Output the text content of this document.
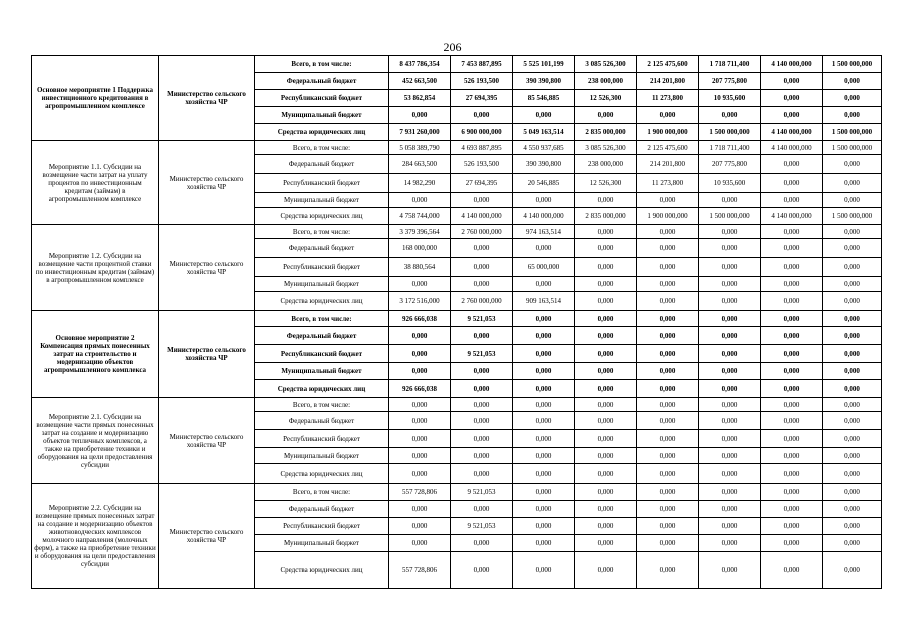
206
Основное мероприятие 1 Поддержка инвестиционного кредитования в агропромышленном комплексе	Министерство сельского хозяйства ЧР	Всего, в том числе:	8 437 786,354	7 453 887,895	5 525 101,199	3 085 526,300	2 125 475,600	1 718 711,400	4 140 000,000	1 500 000,000
		Федеральный бюджет	452 663,500	526 193,500	390 390,800	238 000,000	214 201,800	207 775,800	0,000	0,000
		Республиканский бюджет	53 862,854	27 694,395	85 546,885	12 526,300	11 273,800	10 935,600	0,000	0,000
		Муниципальный бюджет	0,000	0,000	0,000	0,000	0,000	0,000	0,000	0,000
		Средства юридических лиц	7 931 260,000	6 900 000,000	5 049 163,514	2 835 000,000	1 900 000,000	1 500 000,000	4 140 000,000	1 500 000,000
Мероприятие 1.1. Субсидии на возмещение части затрат на уплату процентов по инвестиционным кредитам (займам) в агропромышленном комплексе	Министерство сельского хозяйства ЧР	Всего, в том числе:	5 058 389,790	4 693 887,895	4 550 937,685	3 085 526,300	2 125 475,600	1 718 711,400	4 140 000,000	1 500 000,000
		Федеральный бюджет	284 663,500	526 193,500	390 390,800	238 000,000	214 201,800	207 775,800	0,000	0,000
		Республиканский бюджет	14 982,290	27 694,395	20 546,885	12 526,300	11 273,800	10 935,600	0,000	0,000
		Муниципальный бюджет	0,000	0,000	0,000	0,000	0,000	0,000	0,000	0,000
		Средства юридических лиц	4 758 744,000	4 140 000,000	4 140 000,000	2 835 000,000	1 900 000,000	1 500 000,000	4 140 000,000	1 500 000,000
Мероприятие 1.2. Субсидии на возмещение части процентной ставки по инвестиционным кредитам (займам) в агропромышленном комплексе	Министерство сельского хозяйства ЧР	Всего, в том числе:	3 379 396,564	2 760 000,000	974 163,514	0,000	0,000	0,000	0,000	0,000
		Федеральный бюджет	168 000,000	0,000	0,000	0,000	0,000	0,000	0,000	0,000
		Республиканский бюджет	38 880,564	0,000	65 000,000	0,000	0,000	0,000	0,000	0,000
		Муниципальный бюджет	0,000	0,000	0,000	0,000	0,000	0,000	0,000	0,000
		Средства юридических лиц	3 172 516,000	2 760 000,000	909 163,514	0,000	0,000	0,000	0,000	0,000
Основное мероприятие 2 Компенсация прямых понесенных затрат на строительство и модернизацию объектов агропромышленного комплекса	Министерство сельского хозяйства ЧР	Всего, в том числе:	926 666,038	9 521,053	0,000	0,000	0,000	0,000	0,000	0,000
		Федеральный бюджет	0,000	0,000	0,000	0,000	0,000	0,000	0,000	0,000
		Республиканский бюджет	0,000	9 521,053	0,000	0,000	0,000	0,000	0,000	0,000
		Муниципальный бюджет	0,000	0,000	0,000	0,000	0,000	0,000	0,000	0,000
		Средства юридических лиц	926 666,038	0,000	0,000	0,000	0,000	0,000	0,000	0,000
Мероприятие 2.1. Субсидии на возмещение части прямых понесенных затрат на создание и модернизацию объектов тепличных комплексов, а также на приобретение техники и оборудования на цели предоставления субсидии	Министерство сельского хозяйства ЧР	Всего, в том числе:	0,000	0,000	0,000	0,000	0,000	0,000	0,000	0,000
		Федеральный бюджет	0,000	0,000	0,000	0,000	0,000	0,000	0,000	0,000
		Республиканский бюджет	0,000	0,000	0,000	0,000	0,000	0,000	0,000	0,000
		Муниципальный бюджет	0,000	0,000	0,000	0,000	0,000	0,000	0,000	0,000
		Средства юридических лиц	0,000	0,000	0,000	0,000	0,000	0,000	0,000	0,000
Мероприятие 2.2. Субсидии на возмещение прямых понесенных затрат на создание и модернизацию объектов животноводческих комплексов молочного направления (молочных ферм), а также на приобретение техники и оборудования на цели предоставления субсидии	Министерство сельского хозяйства ЧР	Всего, в том числе:	557 728,806	9 521,053	0,000	0,000	0,000	0,000	0,000	0,000
		Федеральный бюджет	0,000	0,000	0,000	0,000	0,000	0,000	0,000	0,000
		Республиканский бюджет	0,000	9 521,053	0,000	0,000	0,000	0,000	0,000	0,000
		Муниципальный бюджет	0,000	0,000	0,000	0,000	0,000	0,000	0,000	0,000
		Средства юридических лиц	557 728,806	0,000	0,000	0,000	0,000	0,000	0,000	0,000
